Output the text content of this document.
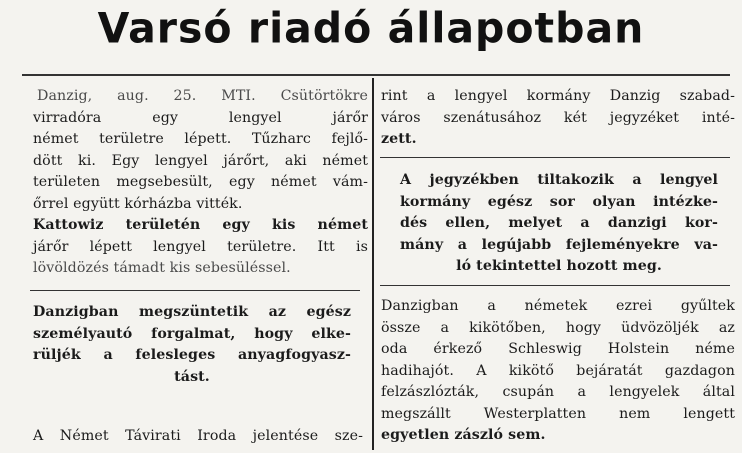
Varsó riadó állapotban
Danzig, aug. 25. MTI. Csütörtökre
virradóra egy lengyel járőr
német területre lépett. Tűzharc fejlő-
dött ki. Egy lengyel járőrt, aki német
területen megsebesült, egy német vám-
őrrel együtt kórházba vitték.
Kattowiz területén egy kis német
járőr lépett lengyel területre. Itt is
lövöldözés támadt kis sebesüléssel.
Danzigban megszüntetik az egész
személyautó forgalmat, hogy elke-
rüljék a felesleges anyagfogyasz-
tást.
A Német Távirati Iroda jelentése sze-
rint a lengyel kormány Danzig szabad-
város szenátusához két jegyzéket inté-
zett.
A jegyzékben tiltakozik a lengyel
kormány egész sor olyan intézke-
dés ellen, melyet a danzigi kor-
mány a legújabb fejleményekre va-
ló tekintettel hozott meg.
Danzigban a németek ezrei gyűltek
össze a kikötőben, hogy üdvözöljék az
oda érkező Schleswig Holstein néme
hadihajót. A kikötő bejáratát gazdagon
felzászlózták, csupán a lengyelek által
megszállt Westerplatten nem lengett
egyetlen zászló sem.
